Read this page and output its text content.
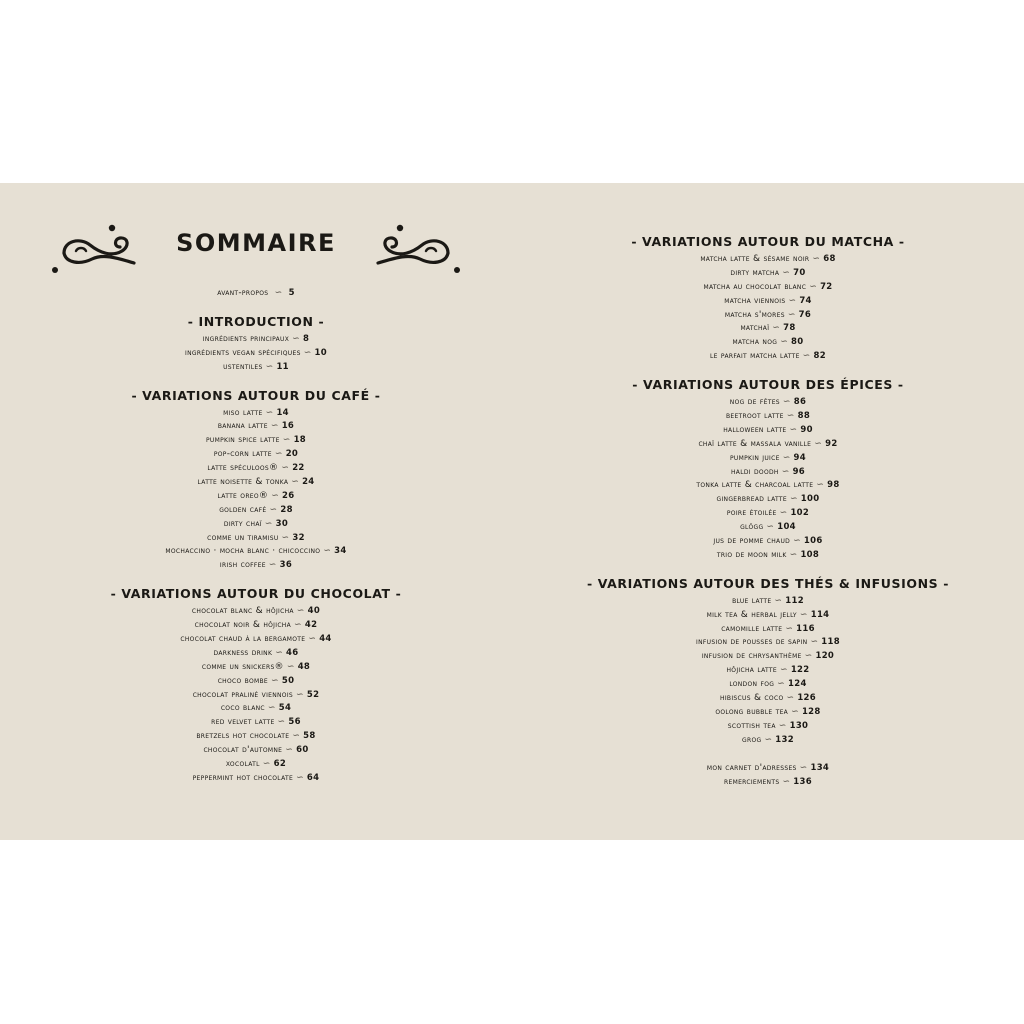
SOMMAIRE
avant-propos ∽ 5
- INTRODUCTION -
ingrédients principaux ∽ 8
ingrédients vegan spécifiques ∽ 10
ustentiles ∽ 11
- VARIATIONS AUTOUR DU CAFÉ -
miso latte ∽ 14
banana latte ∽ 16
pumpkin spice latte ∽ 18
pop-corn latte ∽ 20
latte spéculoos® ∽ 22
latte noisette & tonka ∽ 24
latte oreo® ∽ 26
golden café ∽ 28
dirty chaï ∽ 30
comme un tiramisu ∽ 32
mochaccino · mocha blanc · chicoccino ∽ 34
irish coffee ∽ 36
- VARIATIONS AUTOUR DU CHOCOLAT -
chocolat blanc & hôjicha ∽ 40
chocolat noir & hôjicha ∽ 42
chocolat chaud à la bergamote ∽ 44
darkness drink ∽ 46
comme un snickers® ∽ 48
choco bombe ∽ 50
chocolat praliné viennois ∽ 52
coco blanc ∽ 54
red velvet latte ∽ 56
bretzels hot chocolate ∽ 58
chocolat d'automne ∽ 60
xocolatl ∽ 62
peppermint hot chocolate ∽ 64
- VARIATIONS AUTOUR DU MATCHA -
matcha latte & sésame noir ∽ 68
dirty matcha ∽ 70
matcha au chocolat blanc ∽ 72
matcha viennois ∽ 74
matcha s'mores ∽ 76
matchaï ∽ 78
matcha nog ∽ 80
le parfait matcha latte ∽ 82
- VARIATIONS AUTOUR DES ÉPICES -
nog de fêtes ∽ 86
beetroot latte ∽ 88
halloween latte ∽ 90
chaï latte & massala vanille ∽ 92
pumpkin juice ∽ 94
haldi doodh ∽ 96
tonka latte & charcoal latte ∽ 98
gingerbread latte ∽ 100
poire étoilée ∽ 102
glögg ∽ 104
jus de pomme chaud ∽ 106
trio de moon milk ∽ 108
- VARIATIONS AUTOUR DES THÉS & INFUSIONS -
blue latte ∽ 112
milk tea & herbal jelly ∽ 114
camomille latte ∽ 116
infusion de pousses de sapin ∽ 118
infusion de chrysanthème ∽ 120
hôjicha latte ∽ 122
london fog ∽ 124
hibiscus & coco ∽ 126
oolong bubble tea ∽ 128
scottish tea ∽ 130
grog ∽ 132
mon carnet d'adresses ∽ 134
remerciements ∽ 136
